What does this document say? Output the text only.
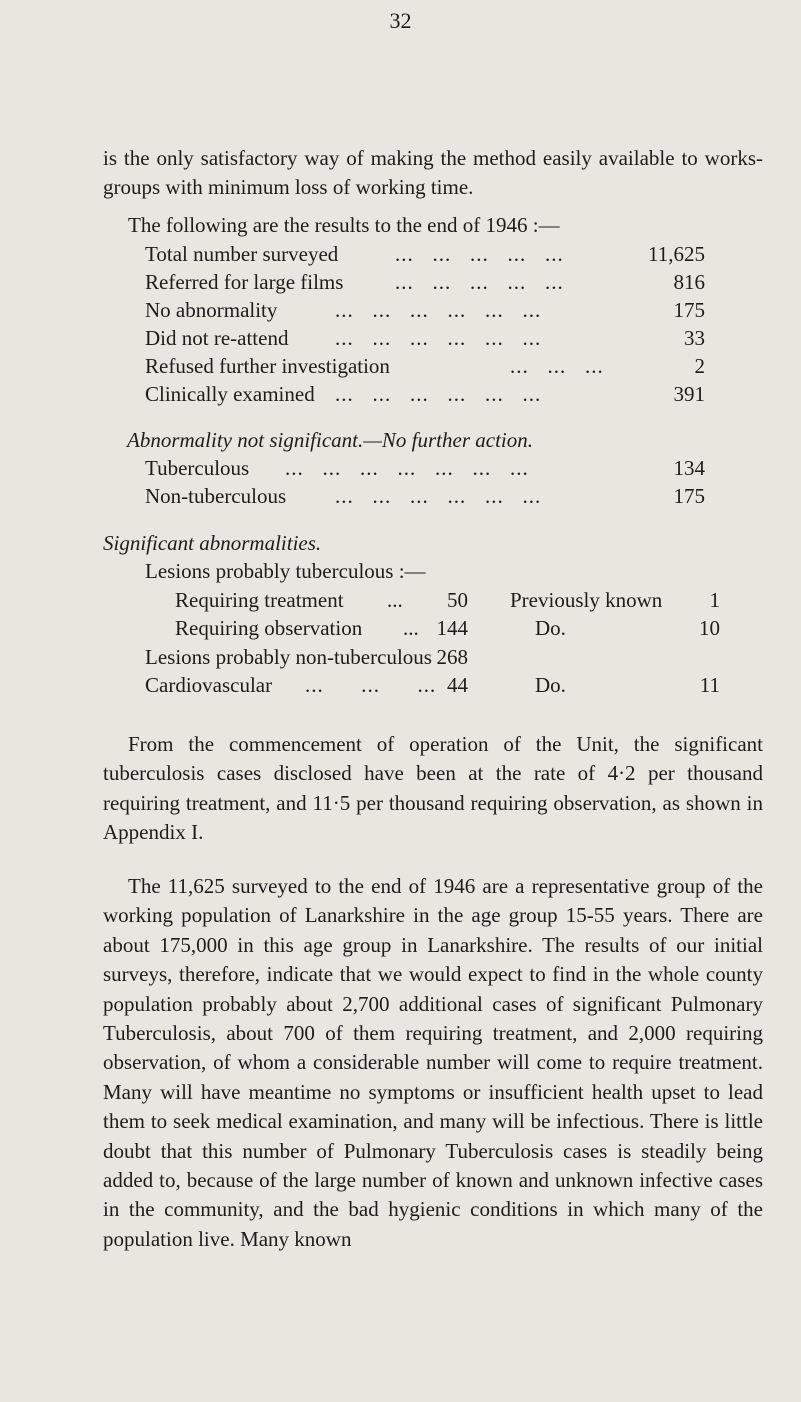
32

is the only satisfactory way of making the method easily available to works-groups with minimum loss of working time.

The following are the results to the end of 1946 :—

Total number surveyed	...   ...   ...   ...   ...	11,625
Referred for large films ...   ...   ...   ...   ...	816
No abnormality	...   ...   ...   ...   ...   ...	175
Did not re-attend ...   ...   ...   ...   ...   ...	33
Refused further investigation	...   ...   ...	2
Clinically examined ...   ...   ...   ...   ...   ...	391

Abnormality not significant.—No further action.

Tuberculous ...   ...   ...   ...   ...   ...   ...	134
Non-tuberculous ...   ...   ...   ...   ...   ...	175

Significant abnormalities.

Lesions probably tuberculous :—

Requiring treatment ... 50 Previously known 1
Requiring observation ... 144	Do.	10
Lesions probably non-tuberculous 268
Cardiovascular ...      ...      ... 44	Do.	11

From the commencement of operation of the Unit, the significant tuberculosis cases disclosed have been at the rate of 4·2 per thousand requiring treatment, and 11·5 per thousand requiring observation, as shown in Appendix I.

The 11,625 surveyed to the end of 1946 are a representative group of the working population of Lanarkshire in the age group 15-55 years. There are about 175,000 in this age group in Lanarkshire. The results of our initial surveys, therefore, indicate that we would expect to find in the whole county population probably about 2,700 additional cases of significant Pulmonary Tuberculosis, about 700 of them requiring treatment, and 2,000 requiring observation, of whom a considerable number will come to require treatment. Many will have meantime no symptoms or insufficient health upset to lead them to seek medical examination, and many will be infectious. There is little doubt that this number of Pulmonary Tuberculosis cases is steadily being added to, because of the large number of known and unknown infective cases in the community, and the bad hygienic conditions in which many of the population live. Many known
